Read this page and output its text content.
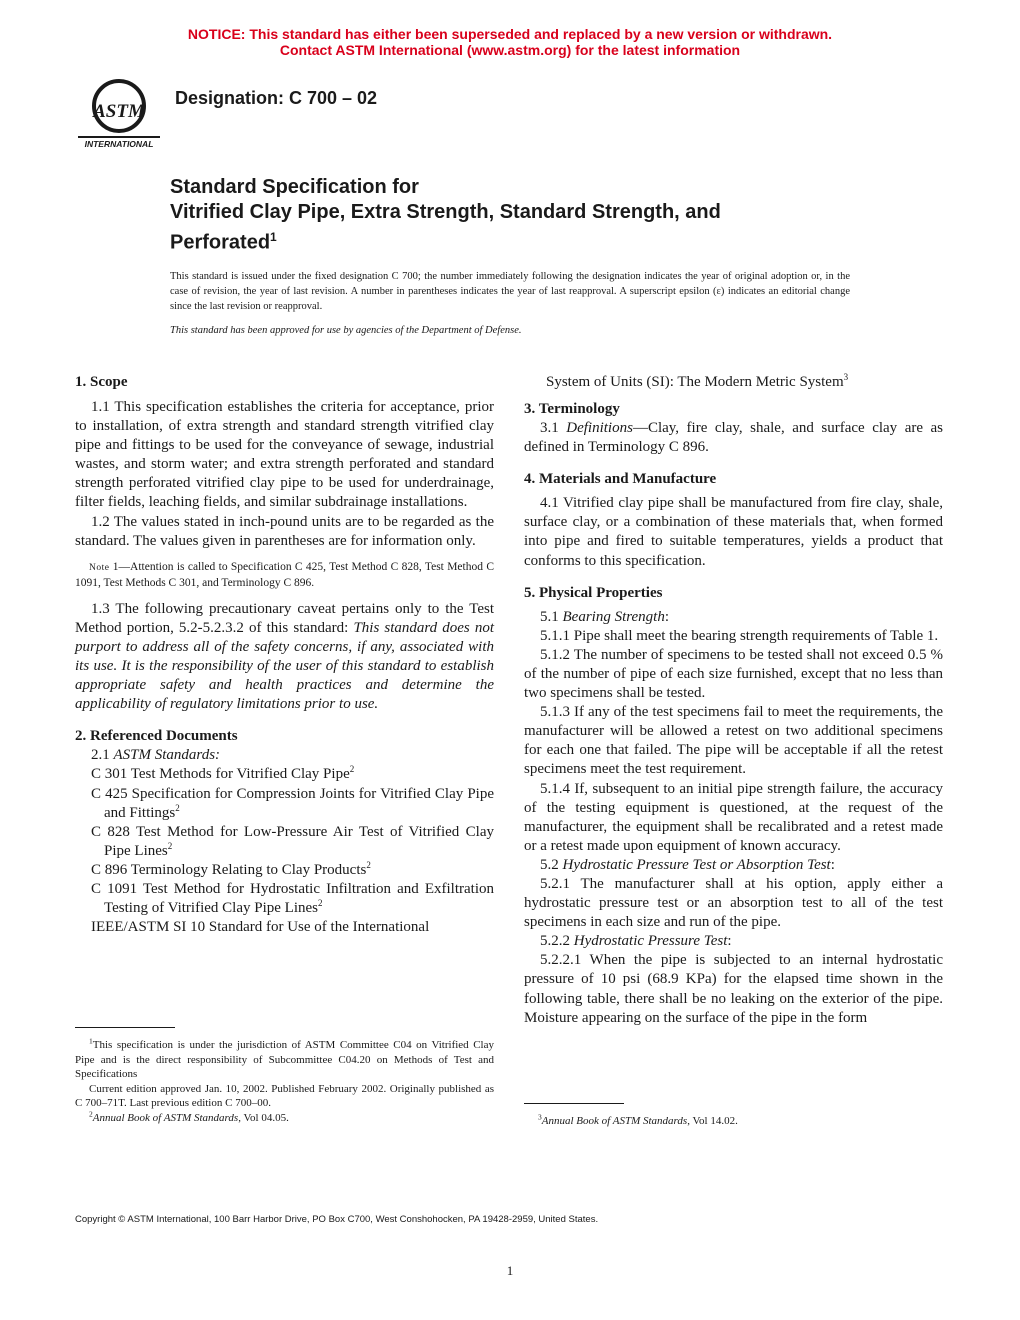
NOTICE: This standard has either been superseded and replaced by a new version or withdrawn.
Contact ASTM International (www.astm.org) for the latest information
ASTM
INTERNATIONAL
Designation: C 700 – 02
Standard Specification for
Vitrified Clay Pipe, Extra Strength, Standard Strength, and
Perforated$^1$
This standard is issued under the fixed designation C 700; the number immediately following the designation indicates the year of original adoption or, in the case of revision, the year of last revision. A number in parentheses indicates the year of last reapproval. A superscript epsilon (ε) indicates an editorial change since the last revision or reapproval.
This standard has been approved for use by agencies of the Department of Defense.
1. Scope

1.1 This specification establishes the criteria for acceptance, prior to installation, of extra strength and standard strength vitrified clay pipe and fittings to be used for the conveyance of sewage, industrial wastes, and storm water; and extra strength perforated and standard strength perforated vitrified clay pipe to be used for underdrainage, filter fields, leaching fields, and similar subdrainage installations.

1.2 The values stated in inch-pound units are to be regarded as the standard. The values given in parentheses are for information only.

Note 1—Attention is called to Specification C 425, Test Method C 828, Test Method C 1091, Test Methods C 301, and Terminology C 896.

1.3 The following precautionary caveat pertains only to the Test Method portion, 5.2-5.2.3.2 of this standard: This standard does not purport to address all of the safety concerns, if any, associated with its use. It is the responsibility of the user of this standard to establish appropriate safety and health practices and determine the applicability of regulatory limitations prior to use.

2. Referenced Documents

2.1 ASTM Standards:

C 301 Test Methods for Vitrified Clay Pipe$^2$

C 425 Specification for Compression Joints for Vitrified Clay Pipe and Fittings$^2$

C 828 Test Method for Low-Pressure Air Test of Vitrified Clay Pipe Lines$^2$

C 896 Terminology Relating to Clay Products$^2$

C 1091 Test Method for Hydrostatic Infiltration and Exfiltration Testing of Vitrified Clay Pipe Lines$^2$

IEEE/ASTM SI 10 Standard for Use of the International

$^1$This specification is under the jurisdiction of ASTM Committee C04 on Vitrified Clay Pipe and is the direct responsibility of Subcommittee C04.20 on Methods of Test and Specifications

Current edition approved Jan. 10, 2002. Published February 2002. Originally published as C 700–71T. Last previous edition C 700–00.

$^2$Annual Book of ASTM Standards, Vol 04.05.

System of Units (SI): The Modern Metric System$^3$

3. Terminology

3.1 Definitions—Clay, fire clay, shale, and surface clay are as defined in Terminology C 896.

4. Materials and Manufacture

4.1 Vitrified clay pipe shall be manufactured from fire clay, shale, surface clay, or a combination of these materials that, when formed into pipe and fired to suitable temperatures, yields a product that conforms to this specification.

5. Physical Properties

5.1 Bearing Strength:

5.1.1 Pipe shall meet the bearing strength requirements of Table 1.

5.1.2 The number of specimens to be tested shall not exceed 0.5 % of the number of pipe of each size furnished, except that no less than two specimens shall be tested.

5.1.3 If any of the test specimens fail to meet the requirements, the manufacturer will be allowed a retest on two additional specimens for each one that failed. The pipe will be acceptable if all the retest specimens meet the test requirement.

5.1.4 If, subsequent to an initial pipe strength failure, the accuracy of the testing equipment is questioned, at the request of the manufacturer, the equipment shall be recalibrated and a retest made or a retest made upon equipment of known accuracy.

5.2 Hydrostatic Pressure Test or Absorption Test:

5.2.1 The manufacturer shall at his option, apply either a hydrostatic pressure test or an absorption test to all of the test specimens in each size and run of the pipe.

5.2.2 Hydrostatic Pressure Test:

5.2.2.1 When the pipe is subjected to an internal hydrostatic pressure of 10 psi (68.9 KPa) for the elapsed time shown in the following table, there shall be no leaking on the exterior of the pipe. Moisture appearing on the surface of the pipe in the form

$^3$Annual Book of ASTM Standards, Vol 14.02.

Copyright © ASTM International, 100 Barr Harbor Drive, PO Box C700, West Conshohocken, PA 19428-2959, United States.
1
